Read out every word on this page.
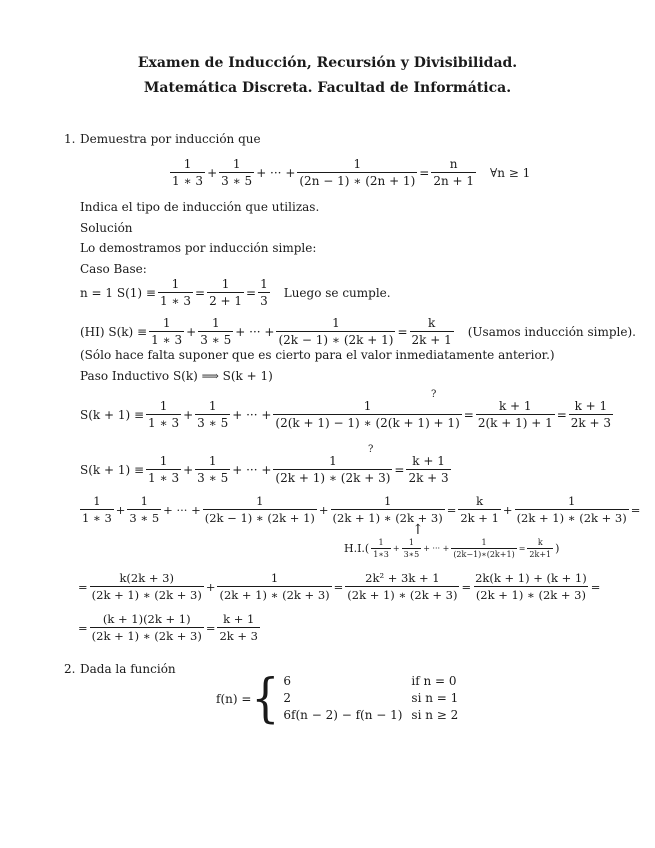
Examen de Inducción, Recursión y Divisibilidad.
Matemática Discreta. Facultad de Informática.
1. Demuestra por inducción que
$\frac{1}{1 ∗ 3} + \frac{1}{3 ∗ 5}$ + ··· + $\frac{1}{(2n - 1) ∗ (2n + 1)} = \frac{n}{2n + 1}$ ∀n ≥ 1
Indica el tipo de inducción que utilizas.
Solución
Lo demostramos por inducción simple:
Caso Base:
n = 1 $S(1) \equiv \frac{1}{1 ∗ 3} = \frac{1}{2 + 1} = \frac{1}{3}$ Luego se cumple.
(HI) $S(k) \equiv \frac{1}{1 ∗ 3} + \frac{1}{3 ∗ 5}$ + ··· + $\frac{1}{(2k - 1) ∗ (2k + 1)} = \frac{k}{2k + 1}$ (Usamos inducción simple).
(Sólo hace falta suponer que es cierto para el valor inmediatamente anterior.)
Paso Inductivo S(k) ⟹ S(k + 1)
?
$S(k + 1) \equiv \frac{1}{1 ∗ 3} + \frac{1}{3 ∗ 5}$ + ··· + $\frac{1}{(2(k + 1) - 1) ∗ (2(k + 1) + 1)} = \frac{k + 1}{2(k + 1) + 1} = \frac{k + 1}{2k + 3}$
?
$S(k + 1) \equiv \frac{1}{1 ∗ 3} + \frac{1}{3 ∗ 5}$ + ··· + $\frac{1}{(2k + 1) ∗ (2k + 3)} = \frac{k + 1}{2k + 3}$
$\frac{1}{1 ∗ 3} + \frac{1}{3 ∗ 5}$ + ··· + $\frac{1}{(2k - 1) ∗ (2k + 1)} + \frac{1}{(2k + 1) ∗ (2k + 3)} = \frac{k}{2k + 1} + \frac{1}{(2k + 1) ∗ (2k + 3)}$ =
↑
$H.I.( \frac{1}{1∗3} + \frac{1}{3∗5}$ + ··· + $\frac{1}{(2k-1)∗(2k+1)} = \frac{k}{2k+1}$ )
= $\frac{k(2k + 3)}{(2k + 1) ∗ (2k + 3)} + \frac{1}{(2k + 1) ∗ (2k + 3)} = \frac{\text{2k² + 3k + 1}}{(2k + 1) ∗ (2k + 3)} = \frac{2k(k + 1) + (k + 1)}{(2k + 1) ∗ (2k + 3)}$ =
= $\frac{(k + 1)(2k + 1)}{(2k + 1) ∗ (2k + 3)} = \frac{k + 1}{2k + 3}$
2. Dada la función
f(n) = { 6	if n = 0
2	si n = 1
6f(n − 2) − f(n − 1)	si n ≥ 2
